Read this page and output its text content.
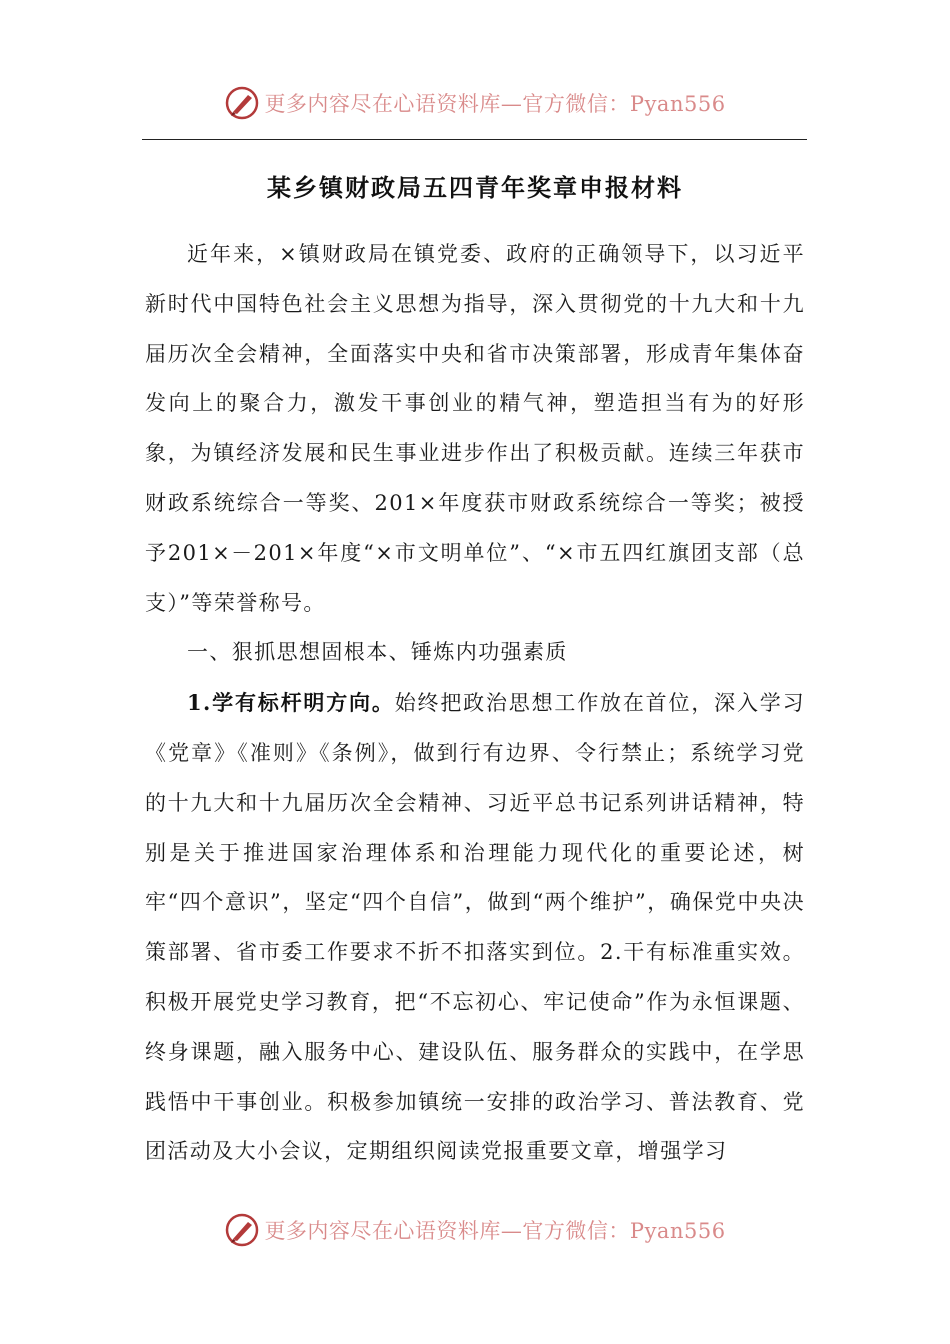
更多内容尽在心语资料库—官方微信：Pyan556
某乡镇财政局五四青年奖章申报材料

近年来，×镇财政局在镇党委、政府的正确领导下，以习近平新时代中国特色社会主义思想为指导，深入贯彻党的十九大和十九届历次全会精神，全面落实中央和省市决策部署，形成青年集体奋发向上的聚合力，激发干事创业的精气神，塑造担当有为的好形象，为镇经济发展和民生事业进步作出了积极贡献。连续三年获市财政系统综合一等奖、201×年度获市财政系统综合一等奖；被授予201×－201×年度“×市文明单位”、“×市五四红旗团支部（总支）”等荣誉称号。

一、狠抓思想固根本、锤炼内功强素质

1.学有标杆明方向。始终把政治思想工作放在首位，深入学习《党章》《准则》《条例》，做到行有边界、令行禁止；系统学习党的十九大和十九届历次全会精神、习近平总书记系列讲话精神，特别是关于推进国家治理体系和治理能力现代化的重要论述，树牢“四个意识”，坚定“四个自信”，做到“两个维护”，确保党中央决策部署、省市委工作要求不折不扣落实到位。2.干有标准重实效。积极开展党史学习教育，把“不忘初心、牢记使命”作为永恒课题、终身课题，融入服务中心、建设队伍、服务群众的实践中，在学思践悟中干事创业。积极参加镇统一安排的政治学习、普法教育、党团活动及大小会议，定期组织阅读党报重要文章，增强学习

更多内容尽在心语资料库—官方微信：Pyan556
